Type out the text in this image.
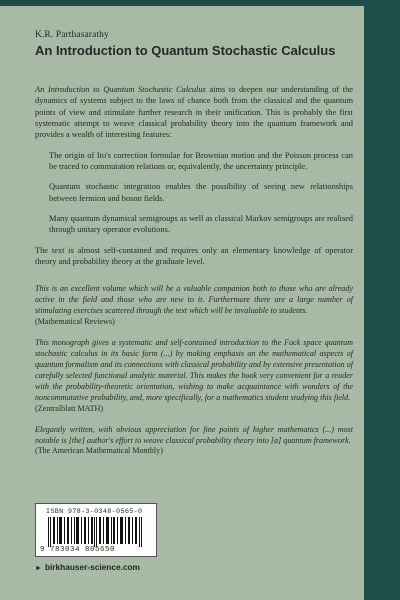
K.R. Parthasarathy
An Introduction to Quantum Stochastic Calculus

An Introduction to Quantum Stochastic Calculus aims to deepen our understanding of the dynamics of systems subject to the laws of chance both from the classical and the quantum points of view and stimulate further research in their unification. This is probably the first systematic attempt to weave classical probability theory into the quantum framework and provides a wealth of interesting features:

The origin of Ito's correction formulae for Brownian motion and the Poisson process can be traced to commutation relations or, equivalently, the uncertainty principle.

Quantum stochastic integration enables the possibility of seeing new relationships between fermion and boson fields.

Many quantum dynamical semigroups as well as classical Markov semigroups are realised through unitary operator evolutions.

The text is almost self-contained and requires only an elementary knowledge of operator theory and probability theory at the graduate level.

This is an excellent volume which will be a valuable companion both to those who are already active in the field and those who are new to it. Furthermore there are a large number of stimulating exercises scattered through the text which will be invaluable to students.

(Mathematical Reviews)

This monograph gives a systematic and self-contained introduction to the Fock space quantum stochastic calculus in its basic form (...) by making emphasis on the mathematical aspects of quantum formalism and its connections with classical probability and by extensive presentation of carefully selected functional analytic material. This makes the book very convenient for a reader with the probability-theoretic orientation, wishing to make acquaintance with wonders of the noncommutative probability, and, more specifically, for a mathematics student studying this field.

(Zentralblatt MATH)

Elegantly written, with obvious appreciation for fine points of higher mathematics (...) most notable is [the] author's effort to weave classical probability theory into [a] quantum framework.

(The American Mathematical Monthly)

ISBN 978-3-0348-0565-0
9 783034 805650
► birkhauser-science.com
